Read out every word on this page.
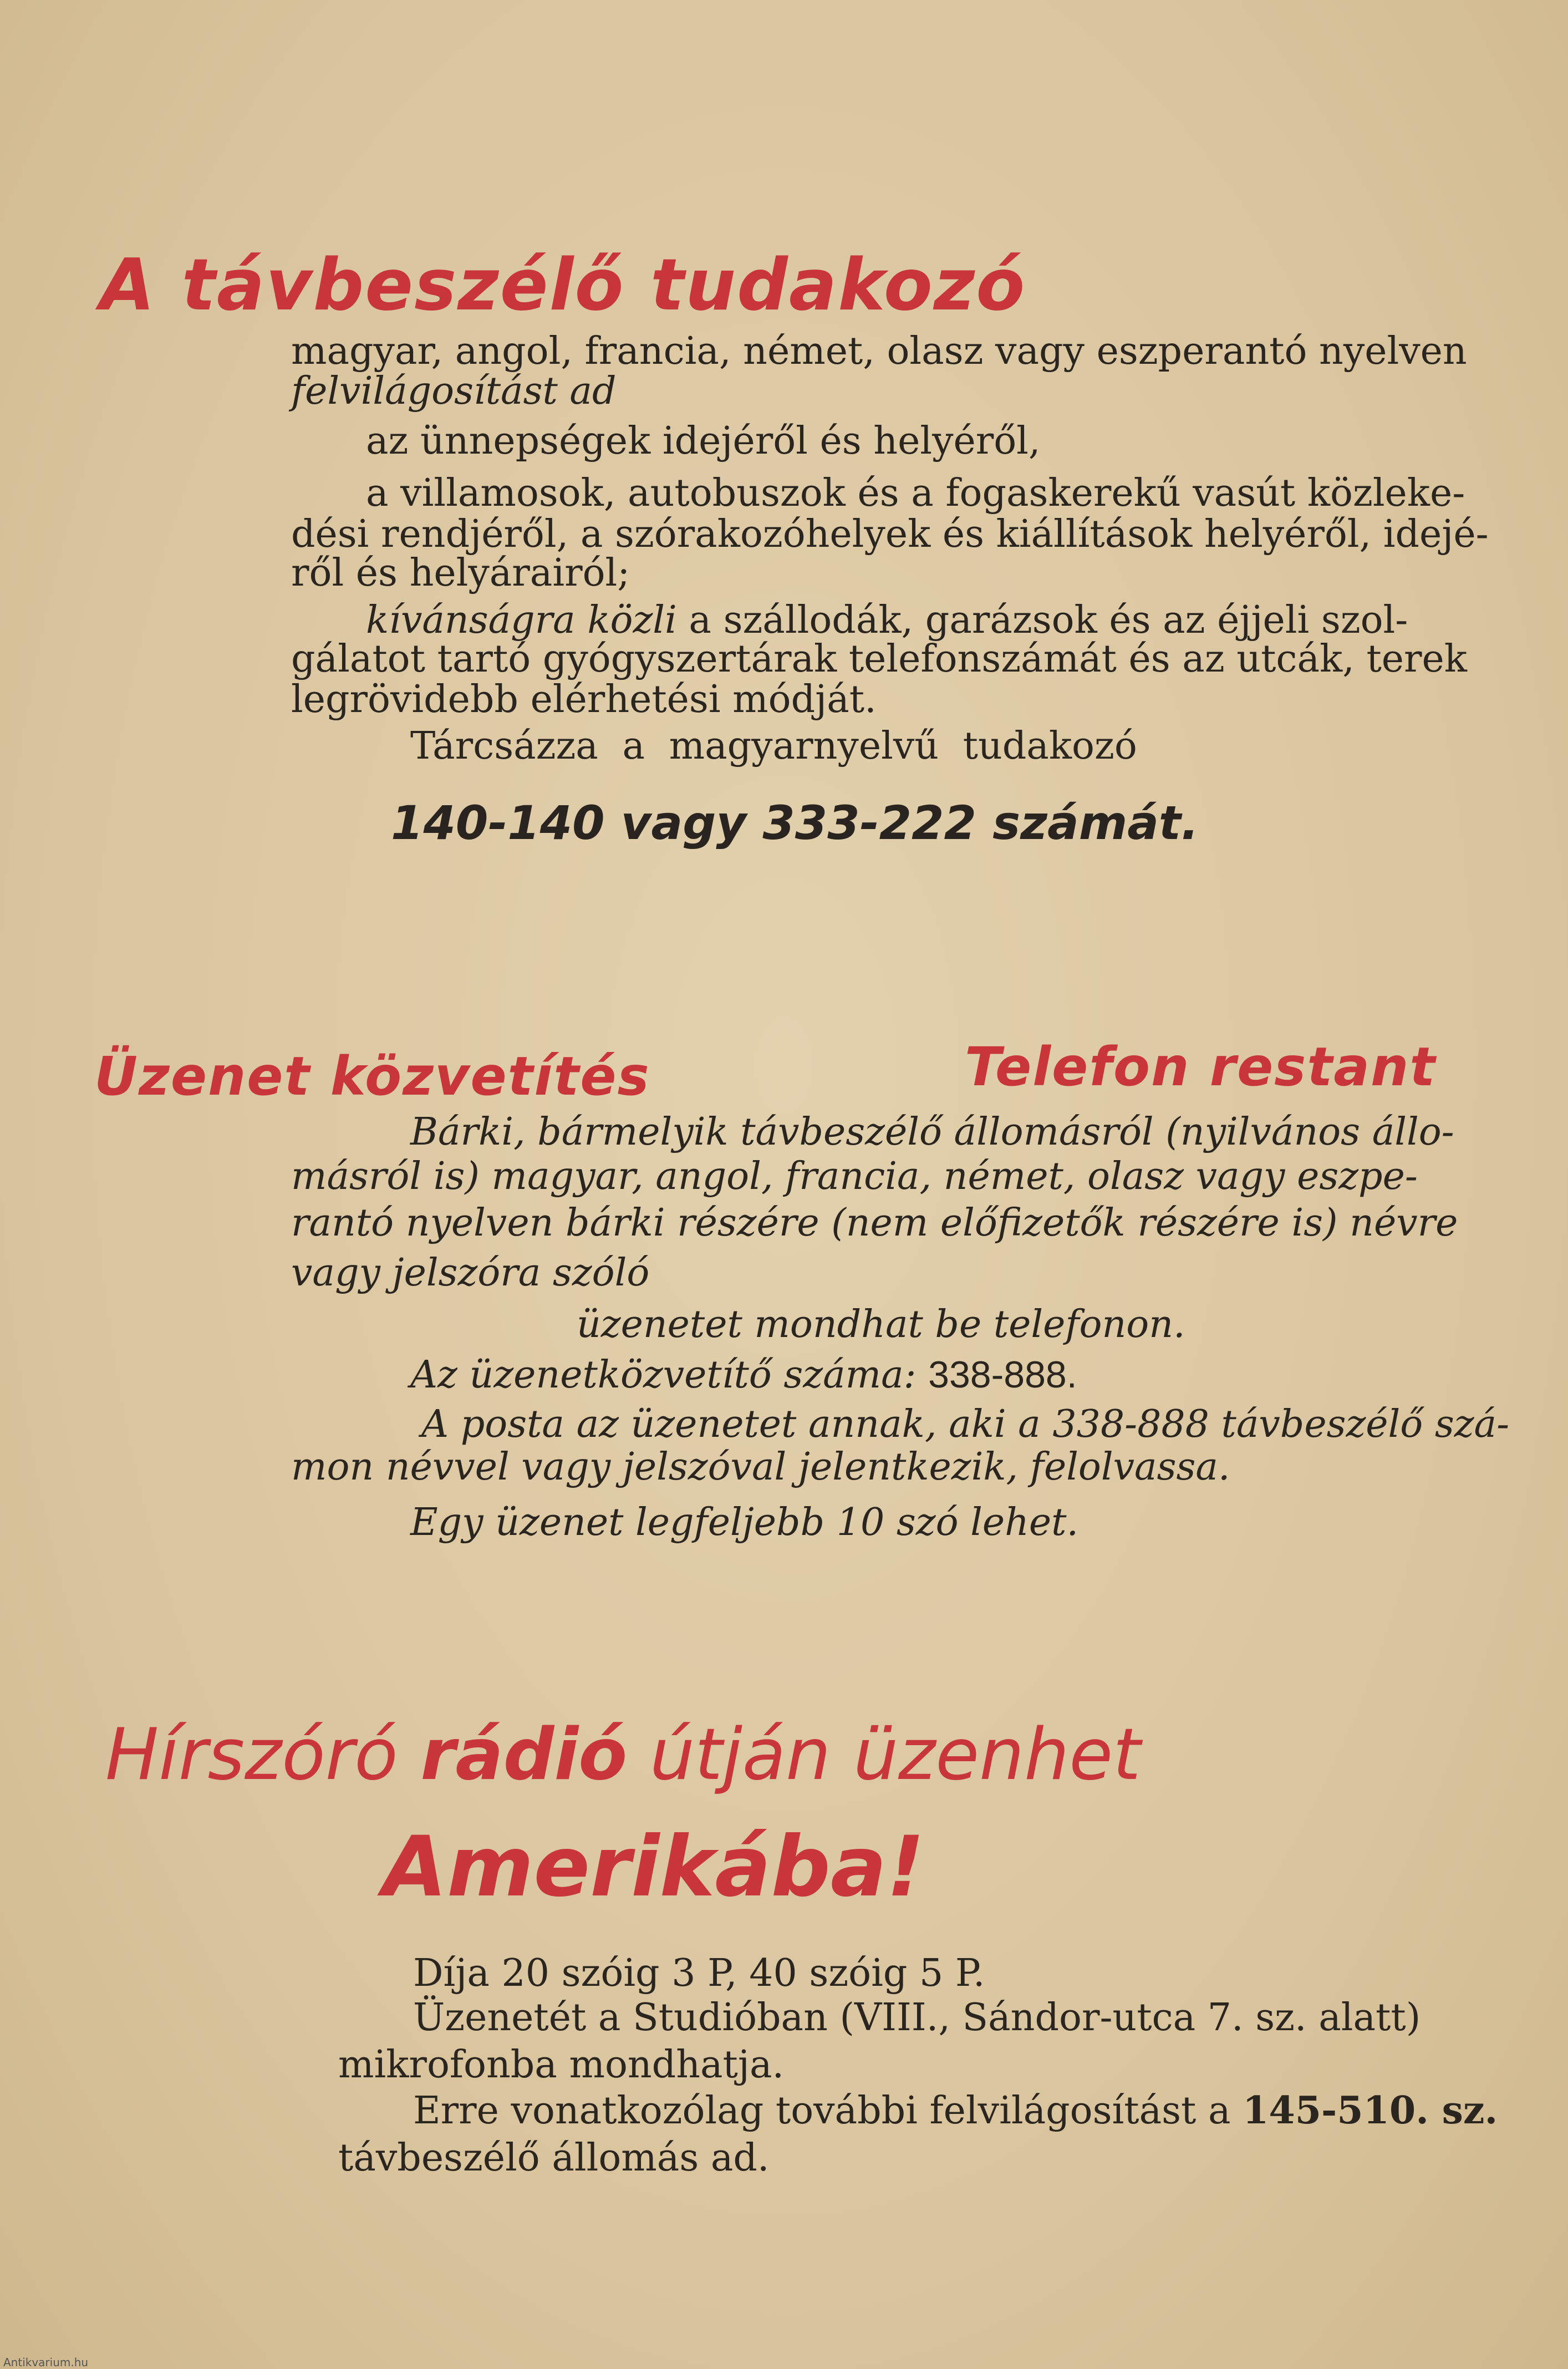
A távbeszélő tudakozó
magyar, angol, francia, német, olasz vagy eszperantó nyelven
felvilágosítást ad
az ünnepségek idejéről és helyéről,
a villamosok, autobuszok és a fogaskerekű vasút közleke-
dési rendjéről, a szórakozóhelyek és kiállítások helyéről, idejé-
ről és helyárairól;
kívánságra közli a szállodák, garázsok és az éjjeli szol-
gálatot tartó gyógyszertárak telefonszámát és az utcák, terek
legrövidebb elérhetési módját.
Tárcsázza a magyarnyelvű tudakozó
140-140 vagy 333-222 számát.
Üzenet közvetítés	Telefon restant
Bárki, bármelyik távbeszélő állomásról (nyilvános állo-
másról is) magyar, angol, francia, német, olasz vagy eszpe-
rantó nyelven bárki részére (nem előfizetők részére is) névre
vagy jelszóra szóló
üzenetet mondhat be telefonon.
Az üzenetközvetítő száma: 338-888.
A posta az üzenetet annak, aki a 338-888 távbeszélő szá-
mon névvel vagy jelszóval jelentkezik, felolvassa.
Egy üzenet legfeljebb 10 szó lehet.
Hírszóró rádió útján üzenhet
Amerikába!
Díja 20 szóig 3 P, 40 szóig 5 P.
Üzenetét a Studióban (VIII., Sándor-utca 7. sz. alatt)
mikrofonba mondhatja.
Erre vonatkozólag további felvilágosítást a 145-510. sz.
távbeszélő állomás ad.
Antikvarium.hu
